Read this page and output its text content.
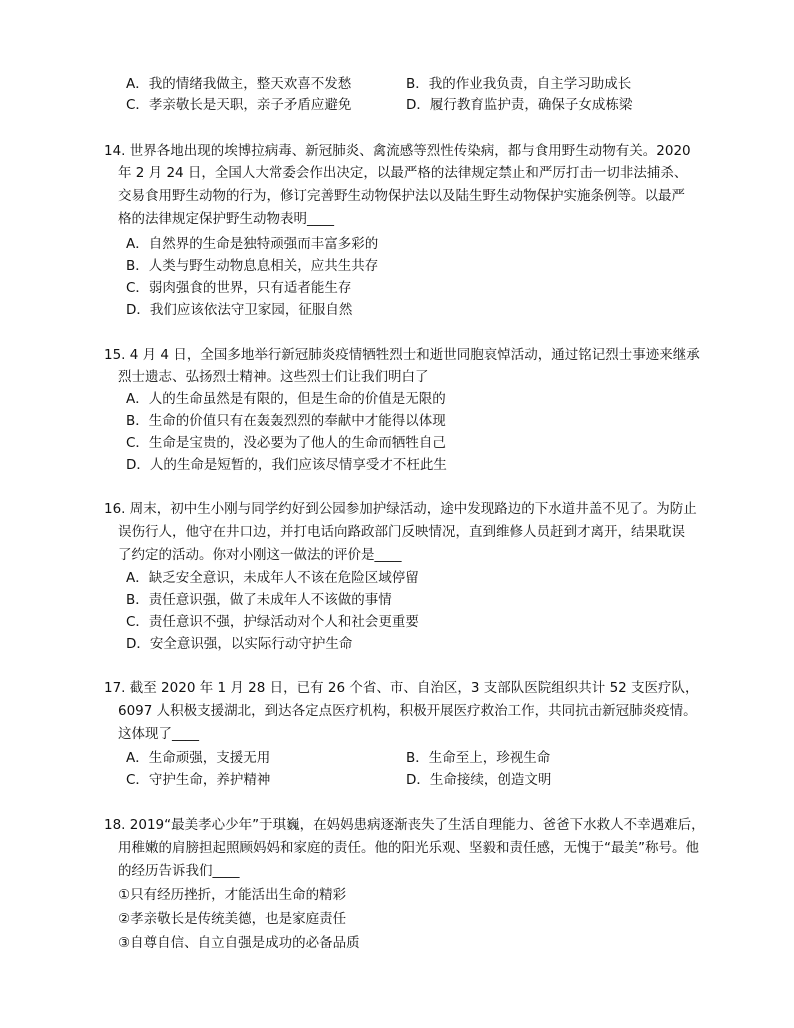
A．我的情绪我做主，整天欢喜不发愁	B．我的作业我负责，自主学习助成长
C．孝亲敬长是天职，亲子矛盾应避免	D．履行教育监护责，确保子女成栋梁
14. 世界各地出现的埃博拉病毒、新冠肺炎、禽流感等烈性传染病，都与食用野生动物有关。2020
年 2 月 24 日，全国人大常委会作出决定，以最严格的法律规定禁止和严厉打击一切非法捕杀、
交易食用野生动物的行为，修订完善野生动物保护法以及陆生野生动物保护实施条例等。以最严
格的法律规定保护野生动物表明____
A．自然界的生命是独特顽强而丰富多彩的
B．人类与野生动物息息相关，应共生共存
C．弱肉强食的世界，只有适者能生存
D．我们应该依法守卫家园，征服自然
15. 4 月 4 日，全国多地举行新冠肺炎疫情牺牲烈士和逝世同胞哀悼活动，通过铭记烈士事迹来继承
烈士遗志、弘扬烈士精神。这些烈士们让我们明白了
A．人的生命虽然是有限的，但是生命的价值是无限的
B．生命的价值只有在轰轰烈烈的奉献中才能得以体现
C．生命是宝贵的，没必要为了他人的生命而牺牲自己
D．人的生命是短暂的，我们应该尽情享受才不枉此生
16. 周末，初中生小刚与同学约好到公园参加护绿活动，途中发现路边的下水道井盖不见了。为防止
误伤行人，他守在井口边，并打电话向路政部门反映情况，直到维修人员赶到才离开，结果耽误
了约定的活动。你对小刚这一做法的评价是____
A．缺乏安全意识，未成年人不该在危险区域停留
B．责任意识强，做了未成年人不该做的事情
C．责任意识不强，护绿活动对个人和社会更重要
D．安全意识强，以实际行动守护生命
17. 截至 2020 年 1 月 28 日，已有 26 个省、市、自治区，3 支部队医院组织共计 52 支医疗队，
6097 人积极支援湖北，到达各定点医疗机构，积极开展医疗救治工作，共同抗击新冠肺炎疫情。
这体现了____
A．生命顽强，支援无用	B．生命至上，珍视生命
C．守护生命，养护精神	D．生命接续，创造文明
18. 2019“最美孝心少年”于琪巍，在妈妈患病逐渐丧失了生活自理能力、爸爸下水救人不幸遇难后，
用稚嫩的肩膀担起照顾妈妈和家庭的责任。他的阳光乐观、坚毅和责任感，无愧于“最美”称号。他
的经历告诉我们____
①只有经历挫折，才能活出生命的精彩
②孝亲敬长是传统美德，也是家庭责任
③自尊自信、自立自强是成功的必备品质
